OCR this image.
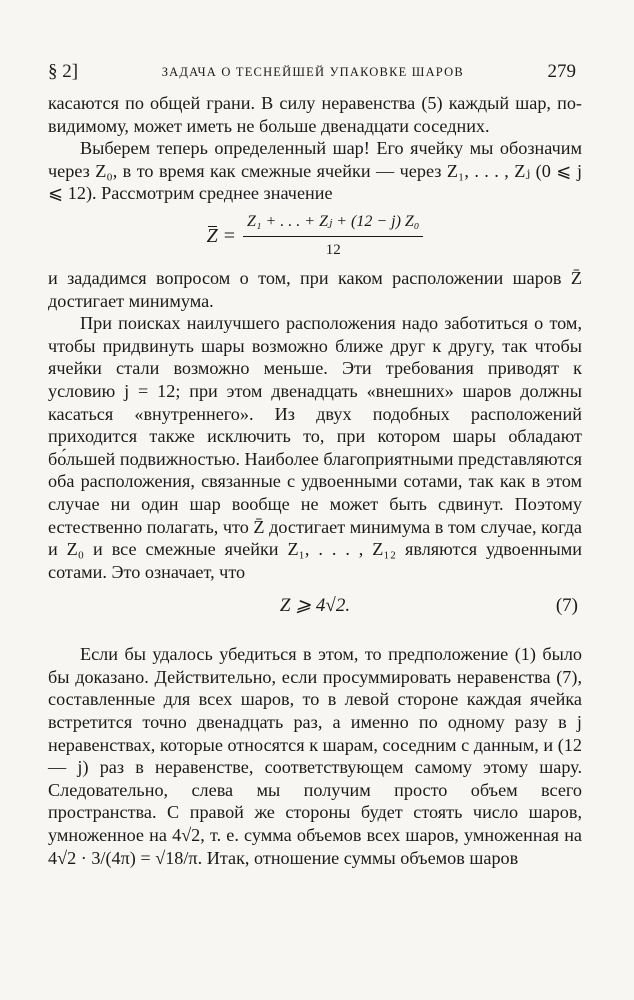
§ 2]	ЗАДАЧА О ТЕСНЕЙШЕЙ УПАКОВКЕ ШАРОВ	279

касаются по общей грани. В силу неравенства (5) каждый шар, по-видимому, может иметь не больше двенадцати соседних.

Выберем теперь определенный шар! Его ячейку мы обозначим через Z₀, в то время как смежные ячейки — через Z₁, . . . , Zⱼ (0 ⩽ j ⩽ 12). Рассмотрим среднее значение

$Z = \frac{\text{Z₁ + . . . + Zⱼ + (12 − j) Z₀}}{12}$

и зададимся вопросом о том, при каком расположении шаров Z̄ достигает минимума.

При поисках наилучшего расположения надо заботиться о том, чтобы придвинуть шары возможно ближе друг к другу, так чтобы ячейки стали возможно меньше. Эти требования приводят к условию j = 12; при этом двенадцать «внешних» шаров должны касаться «внутреннего». Из двух подобных расположений приходится также исключить то, при котором шары обладают бо́льшей подвижностью. Наиболее благоприятными представляются оба расположения, связанные с удвоенными сотами, так как в этом случае ни один шар вообще не может быть сдвинут. Поэтому естественно полагать, что Z̄ достигает минимума в том случае, когда и Z₀ и все смежные ячейки Z₁, . . . , Z₁₂ являются удвоенными сотами. Это означает, что

Z ⩾ 4√2.	(7)

Если бы удалось убедиться в этом, то предположение (1) было бы доказано. Действительно, если просуммировать неравенства (7), составленные для всех шаров, то в левой стороне каждая ячейка встретится точно двенадцать раз, а именно по одному разу в j неравенствах, которые относятся к шарам, соседним с данным, и (12 — j) раз в неравенстве, соответствующем самому этому шару. Следовательно, слева мы получим просто объем всего пространства. С правой же стороны будет стоять число шаров, умноженное на 4√2, т. е. сумма объемов всех шаров, умноженная на 4√2 · 3/(4π) = √18/π. Итак, отношение суммы объемов шаров
